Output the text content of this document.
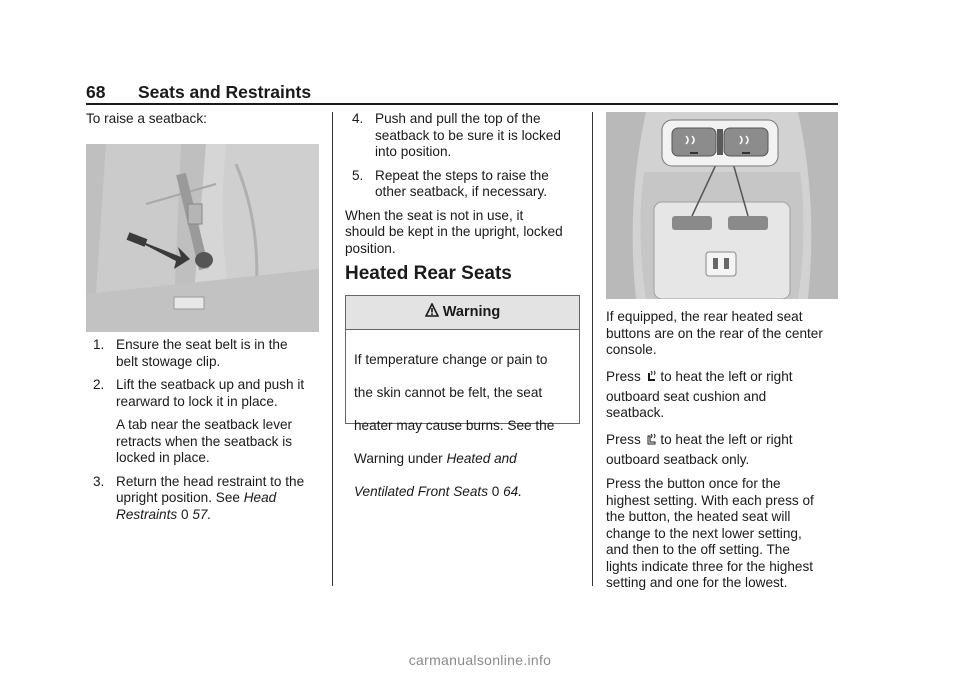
68 Seats and Restraints

To raise a seatback:

1. Ensure the seat belt is in the

belt stowage clip.

2. Lift the seatback up and push it

rearward to lock it in place.

A tab near the seatback lever

retracts when the seatback is

locked in place.

3. Return the head restraint to the

upright position. See Head

Restraints 0 57.

4. Push and pull the top of the

seatback to be sure it is locked

into position.

5. Repeat the steps to raise the

other seatback, if necessary.

When the seat is not in use, it

should be kept in the upright, locked

position.

Heated Rear Seats
Warning

If temperature change or pain to

the skin cannot be felt, the seat

heater may cause burns. See the

Warning under Heated and

Ventilated Front Seats 0 64.

If equipped, the rear heated seat

buttons are on the rear of the center

console.

Press to heat the left or right

outboard seat cushion and

seatback.

Press to heat the left or right

outboard seatback only.

Press the button once for the

highest setting. With each press of

the button, the heated seat will

change to the next lower setting,

and then to the off setting. The

lights indicate three for the highest

setting and one for the lowest.

carmanualsonline.info
